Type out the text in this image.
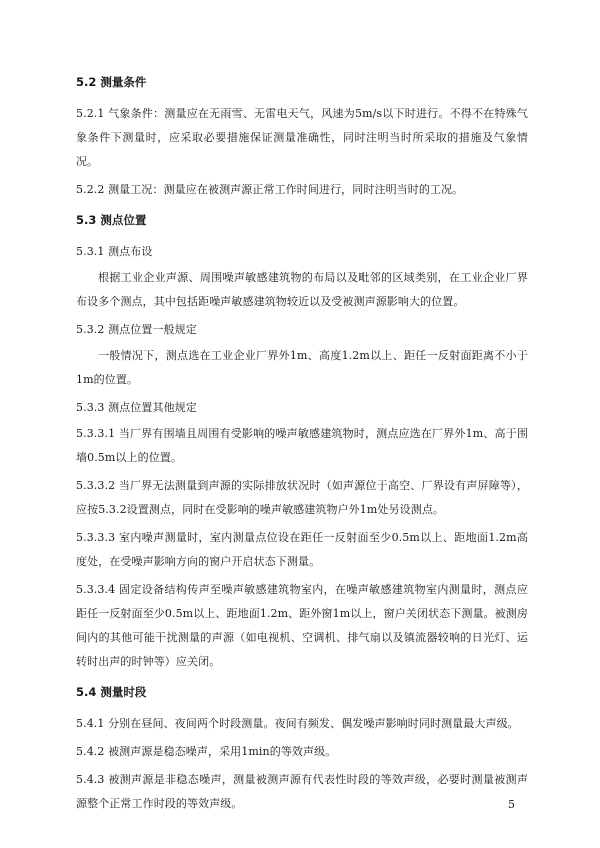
5.2 测量条件

5.2.1 气象条件：测量应在无雨雪、无雷电天气，风速为5m/s以下时进行。不得不在特殊气象条件下测量时，应采取必要措施保证测量准确性，同时注明当时所采取的措施及气象情况。

5.2.2 测量工况：测量应在被测声源正常工作时间进行，同时注明当时的工况。

5.3 测点位置

5.3.1 测点布设

根据工业企业声源、周围噪声敏感建筑物的布局以及毗邻的区域类别，在工业企业厂界布设多个测点，其中包括距噪声敏感建筑物较近以及受被测声源影响大的位置。

5.3.2 测点位置一般规定

一般情况下，测点选在工业企业厂界外1m、高度1.2m以上、距任一反射面距离不小于1m的位置。

5.3.3 测点位置其他规定

5.3.3.1 当厂界有围墙且周围有受影响的噪声敏感建筑物时，测点应选在厂界外1m、高于围墙0.5m以上的位置。

5.3.3.2 当厂界无法测量到声源的实际排放状况时（如声源位于高空、厂界设有声屏障等），应按5.3.2设置测点，同时在受影响的噪声敏感建筑物户外1m处另设测点。

5.3.3.3 室内噪声测量时，室内测量点位设在距任一反射面至少0.5m以上、距地面1.2m高度处，在受噪声影响方向的窗户开启状态下测量。

5.3.3.4 固定设备结构传声至噪声敏感建筑物室内，在噪声敏感建筑物室内测量时，测点应距任一反射面至少0.5m以上、距地面1.2m、距外窗1m以上，窗户关闭状态下测量。被测房间内的其他可能干扰测量的声源（如电视机、空调机、排气扇以及镇流器较响的日光灯、运转时出声的时钟等）应关闭。

5.4 测量时段

5.4.1 分别在昼间、夜间两个时段测量。夜间有频发、偶发噪声影响时同时测量最大声级。

5.4.2 被测声源是稳态噪声，采用1min的等效声级。

5.4.3 被测声源是非稳态噪声，测量被测声源有代表性时段的等效声级，必要时测量被测声源整个正常工作时段的等效声级。	5
